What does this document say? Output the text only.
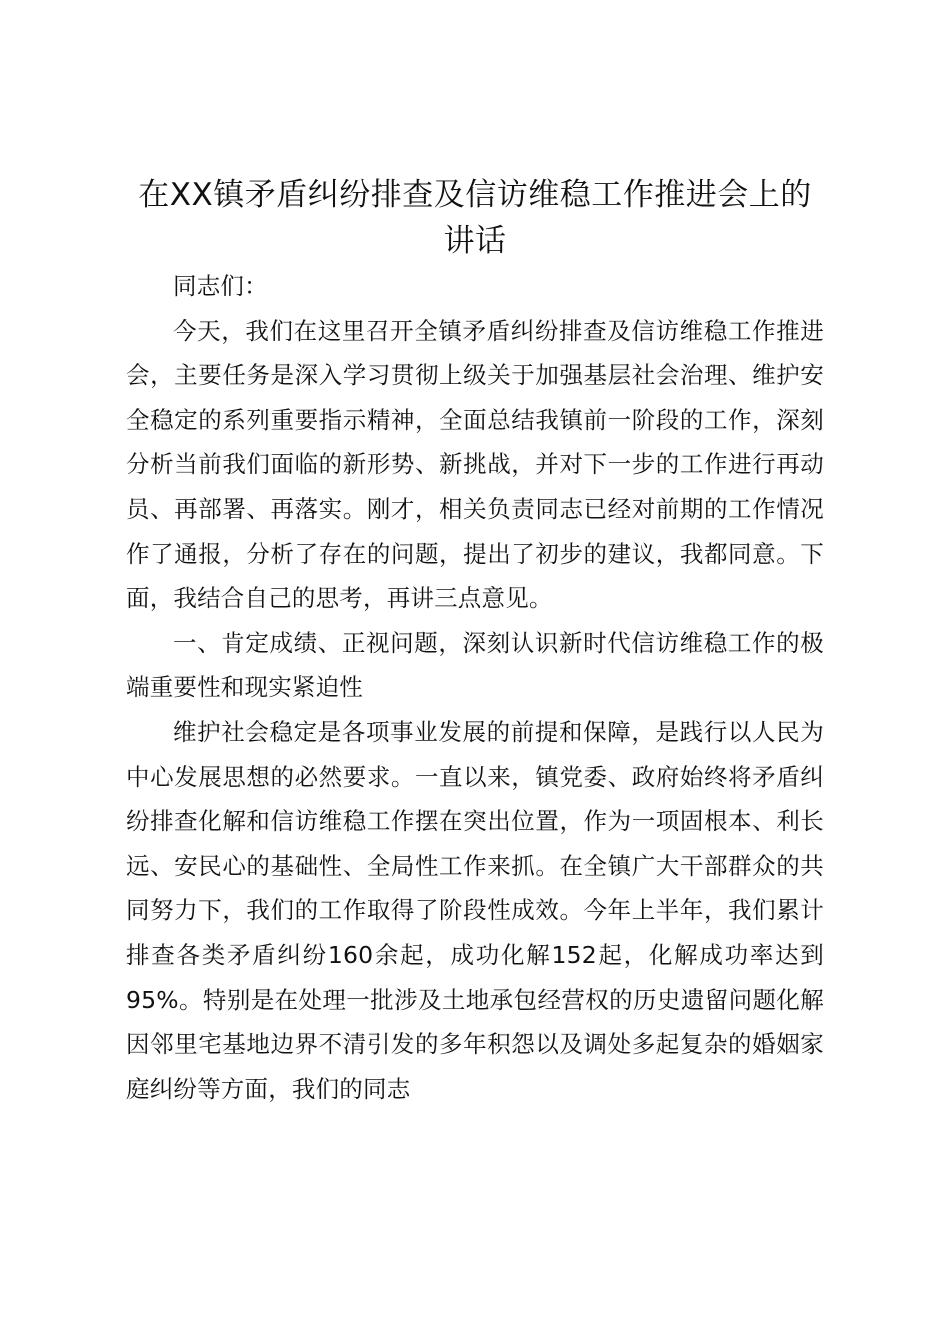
在XX镇矛盾纠纷排查及信访维稳工作推进会上的讲话

同志们：

今天，我们在这里召开全镇矛盾纠纷排查及信访维稳工作推进会，主要任务是深入学习贯彻上级关于加强基层社会治理、维护安全稳定的系列重要指示精神，全面总结我镇前一阶段的工作，深刻分析当前我们面临的新形势、新挑战，并对下一步的工作进行再动员、再部署、再落实。刚才，相关负责同志已经对前期的工作情况作了通报，分析了存在的问题，提出了初步的建议，我都同意。下面，我结合自己的思考，再讲三点意见。

一、肯定成绩、正视问题，深刻认识新时代信访维稳工作的极端重要性和现实紧迫性

维护社会稳定是各项事业发展的前提和保障，是践行以人民为中心发展思想的必然要求。一直以来，镇党委、政府始终将矛盾纠纷排查化解和信访维稳工作摆在突出位置，作为一项固根本、利长远、安民心的基础性、全局性工作来抓。在全镇广大干部群众的共同努力下，我们的工作取得了阶段性成效。今年上半年，我们累计排查各类矛盾纠纷160余起，成功化解152起，化解成功率达到95%。特别是在处理一批涉及土地承包经营权的历史遗留问题化解因邻里宅基地边界不清引发的多年积怨以及调处多起复杂的婚姻家庭纠纷等方面，我们的同志
